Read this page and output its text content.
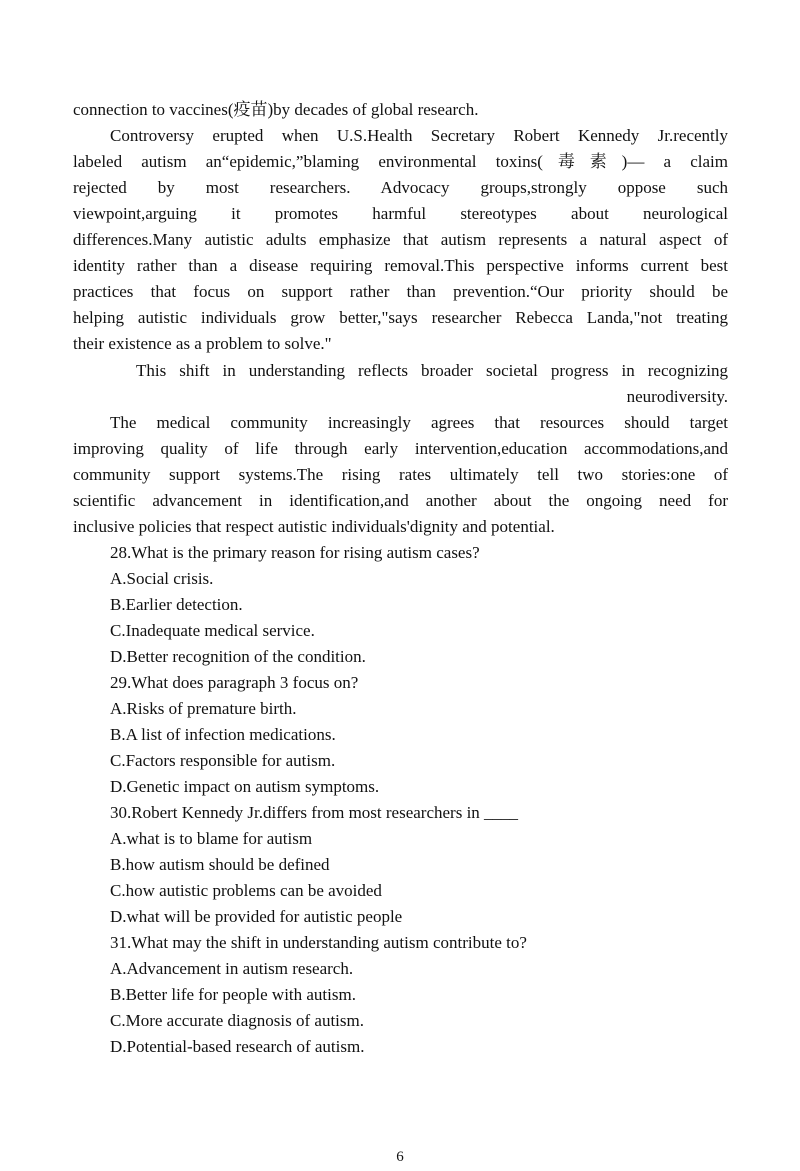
connection to vaccines(疫苗)by decades of global research.
Controversy erupted when U.S.Health Secretary Robert Kennedy Jr.recently
labeled autism an“epidemic,”blaming environmental toxins(毒素)— a claim
rejected by most researchers. Advocacy groups,strongly oppose such
viewpoint,arguing it promotes harmful stereotypes about neurological
differences.Many autistic adults emphasize that autism represents a natural aspect of
identity rather than a disease requiring removal.This perspective informs current best
practices that focus on support rather than prevention.“Our priority should be
helping autistic individuals grow better,"says researcher Rebecca Landa,"not treating
their existence as a problem to solve."
This shift in understanding reflects broader societal progress in recognizing
neurodiversity.
The medical community increasingly agrees that resources should target
improving quality of life through early intervention,education accommodations,and
community support systems.The rising rates ultimately tell two stories:one of
scientific advancement in identification,and another about the ongoing need for
inclusive policies that respect autistic individuals'dignity and potential.
28.What is the primary reason for rising autism cases?
A.Social crisis.
B.Earlier detection.
C.Inadequate medical service.
D.Better recognition of the condition.
29.What does paragraph 3 focus on?
A.Risks of premature birth.
B.A list of infection medications.
C.Factors responsible for autism.
D.Genetic impact on autism symptoms.
30.Robert Kennedy Jr.differs from most researchers in ____
A.what is to blame for autism
B.how autism should be defined
C.how autistic problems can be avoided
D.what will be provided for autistic people
31.What may the shift in understanding autism contribute to?
A.Advancement in autism research.
B.Better life for people with autism.
C.More accurate diagnosis of autism.
D.Potential-based research of autism.
6
